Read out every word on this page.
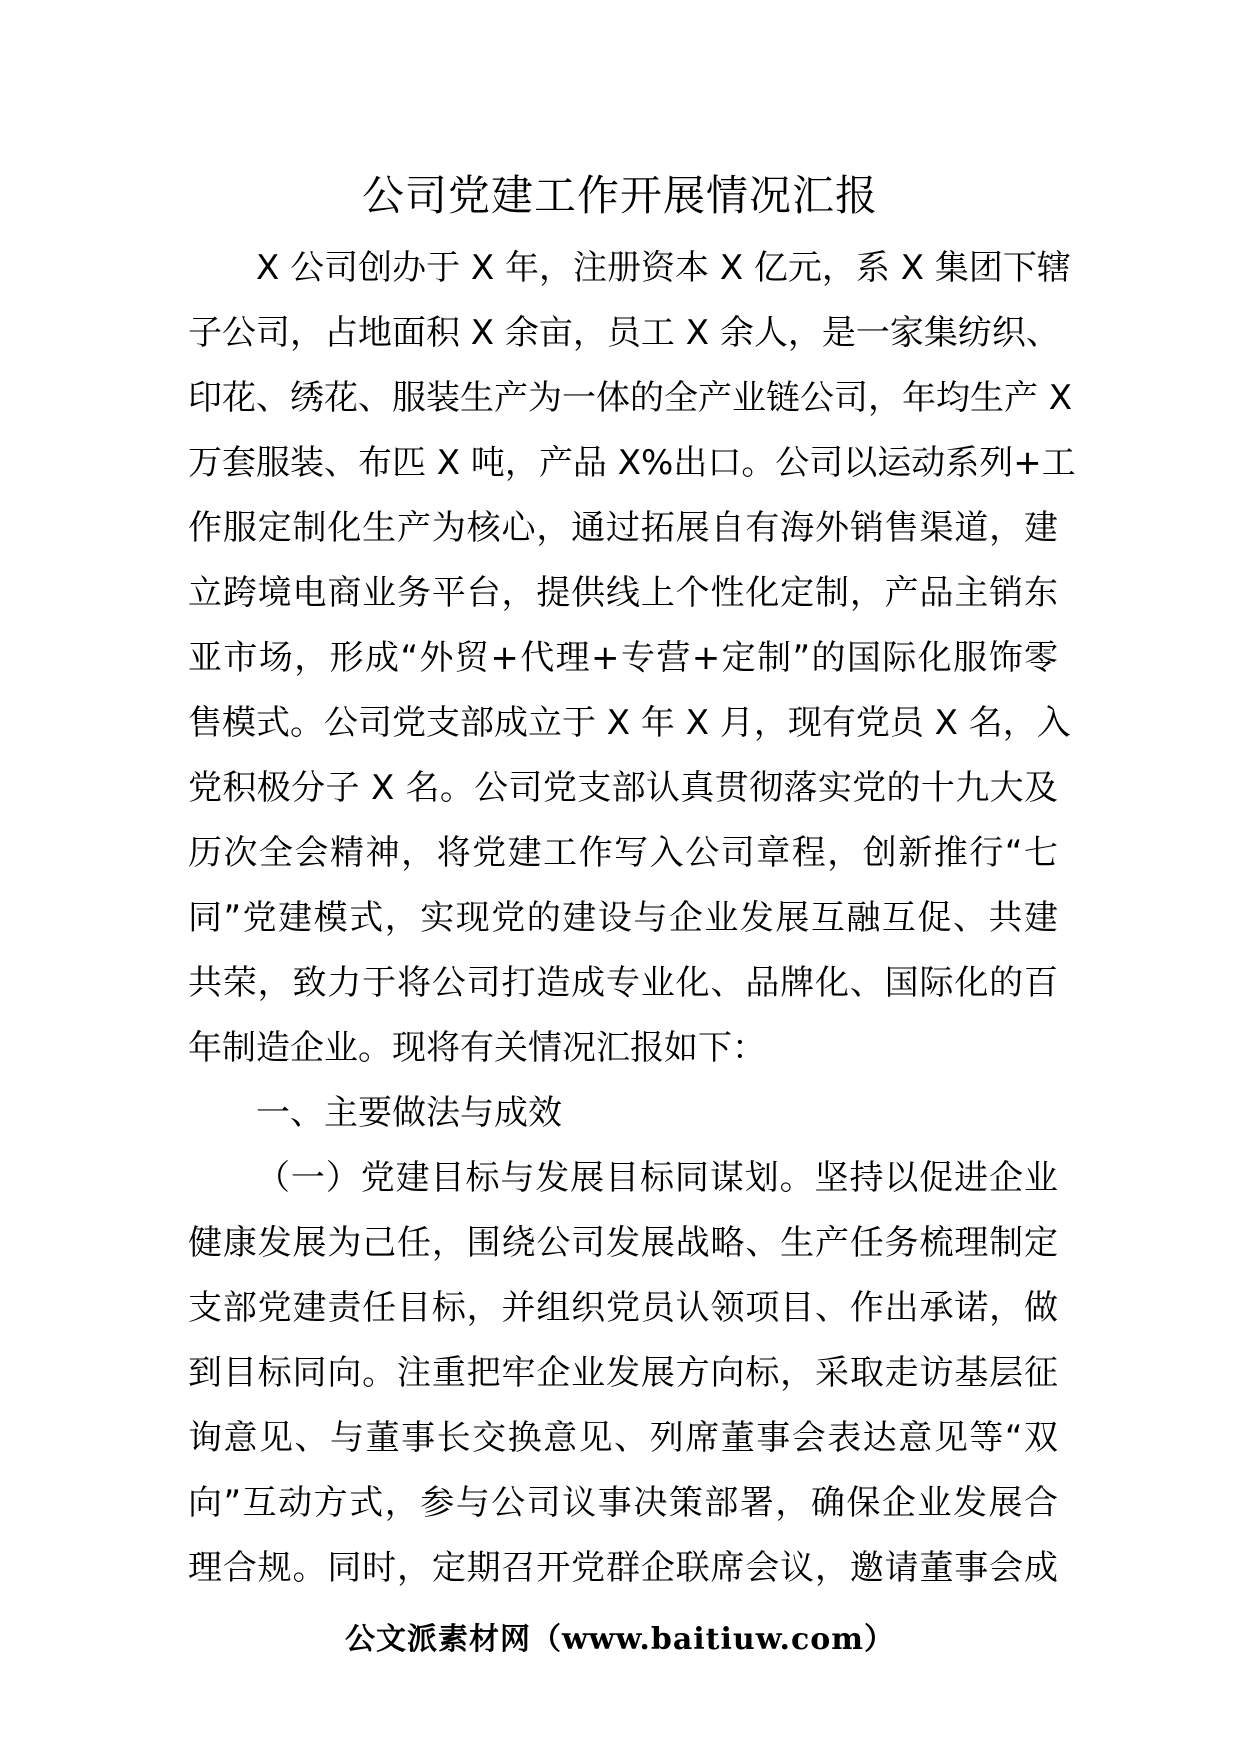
公司党建工作开展情况汇报
X 公司创办于 X 年，注册资本 X 亿元，系 X 集团下辖
子公司，占地面积 X 余亩，员工 X 余人，是一家集纺织、
印花、绣花、服装生产为一体的全产业链公司，年均生产 X
万套服装、布匹 X 吨，产品 X%出口。公司以运动系列+工
作服定制化生产为核心，通过拓展自有海外销售渠道，建
立跨境电商业务平台，提供线上个性化定制，产品主销东
亚市场，形成“外贸+代理+专营+定制”的国际化服饰零
售模式。公司党支部成立于 X 年 X 月，现有党员 X 名，入
党积极分子 X 名。公司党支部认真贯彻落实党的十九大及
历次全会精神，将党建工作写入公司章程，创新推行“七
同”党建模式，实现党的建设与企业发展互融互促、共建
共荣，致力于将公司打造成专业化、品牌化、国际化的百
年制造企业。现将有关情况汇报如下：
一、主要做法与成效
（一）党建目标与发展目标同谋划。坚持以促进企业
健康发展为己任，围绕公司发展战略、生产任务梳理制定
支部党建责任目标，并组织党员认领项目、作出承诺，做
到目标同向。注重把牢企业发展方向标，采取走访基层征
询意见、与董事长交换意见、列席董事会表达意见等“双
向”互动方式，参与公司议事决策部署，确保企业发展合
理合规。同时，定期召开党群企联席会议，邀请董事会成
公文派素材网（www.baitiuw.com）
